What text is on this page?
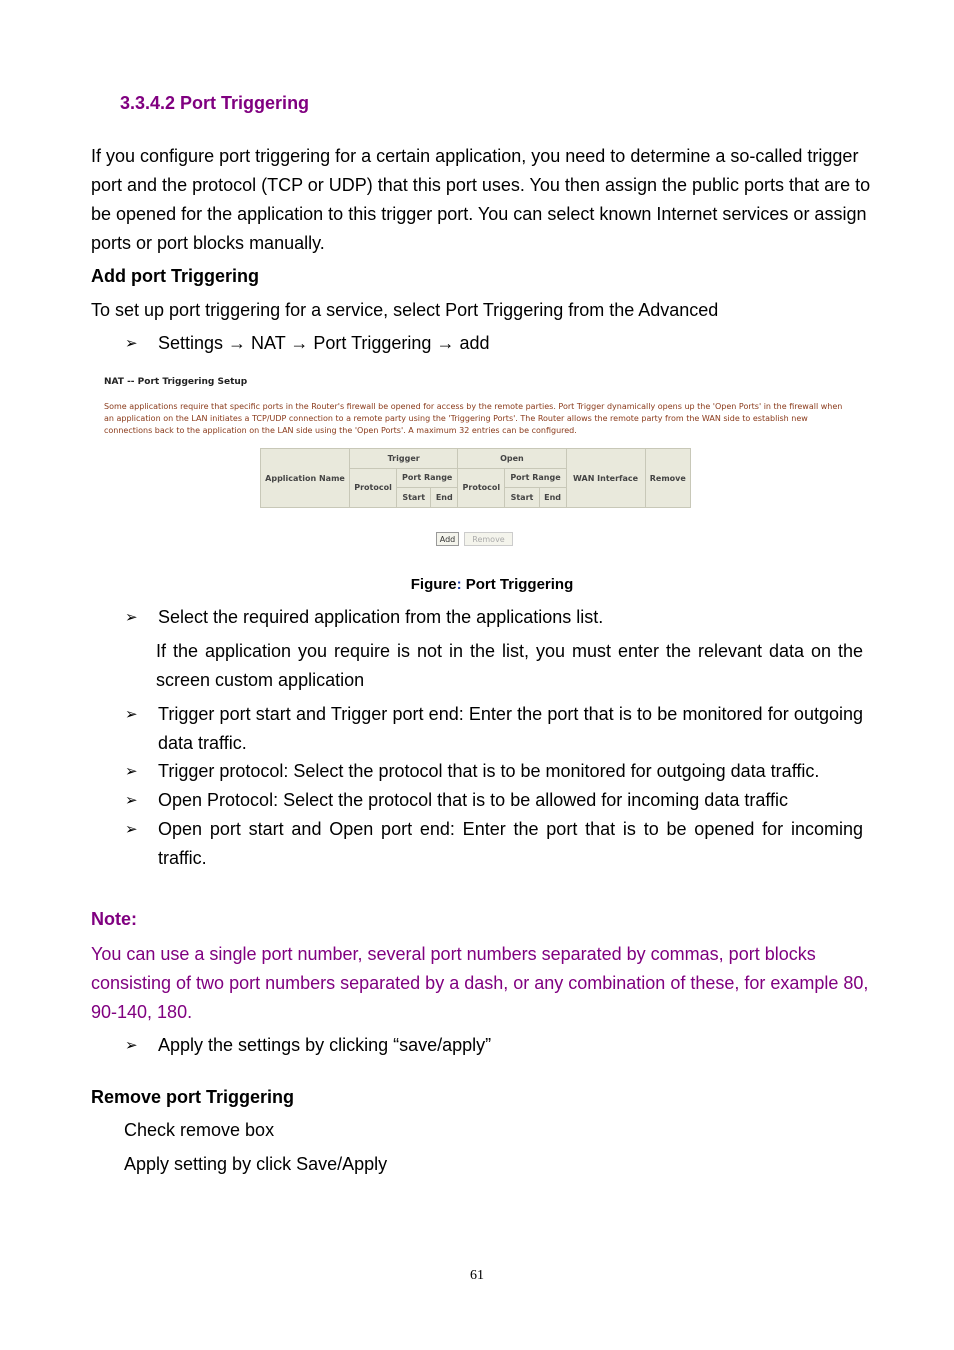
3.3.4.2 Port Triggering
If you configure port triggering for a certain application, you need to determine a so-called trigger port and the protocol (TCP or UDP) that this port uses. You then assign the public ports that are to be opened for the application to this trigger port. You can select known Internet services or assign ports or port blocks manually.
Add port Triggering
To set up port triggering for a service, select Port Triggering from the Advanced
➢ Settings → NAT → Port Triggering → add
NAT -- Port Triggering Setup
Some applications require that specific ports in the Router's firewall be opened for access by the remote parties. Port Trigger dynamically opens up the 'Open Ports' in the firewall when an application on the LAN initiates a TCP/UDP connection to a remote party using the 'Triggering Ports'. The Router allows the remote party from the WAN side to establish new connections back to the application on the LAN side using the 'Open Ports'. A maximum 32 entries can be configured.
Application Name	Trigger			Open			WAN Interface	Remove
	Protocol	Port Range		Protocol	Port Range			
		Start	End		Start	End		
Add	Remove
Figure: Port Triggering
➢ Select the required application from the applications list.
If the application you require is not in the list, you must enter the relevant data on the screen custom application
➢ Trigger port start and Trigger port end: Enter the port that is to be monitored for outgoing data traffic.
➢ Trigger protocol: Select the protocol that is to be monitored for outgoing data traffic.
➢ Open Protocol: Select the protocol that is to be allowed for incoming data traffic
➢ Open port start and Open port end: Enter the port that is to be opened for incoming traffic.
Note:
You can use a single port number, several port numbers separated by commas, port blocks consisting of two port numbers separated by a dash, or any combination of these, for example 80, 90-140, 180.
➢ Apply the settings by clicking “save/apply”
Remove port Triggering
Check remove box
Apply setting by click Save/Apply
61
